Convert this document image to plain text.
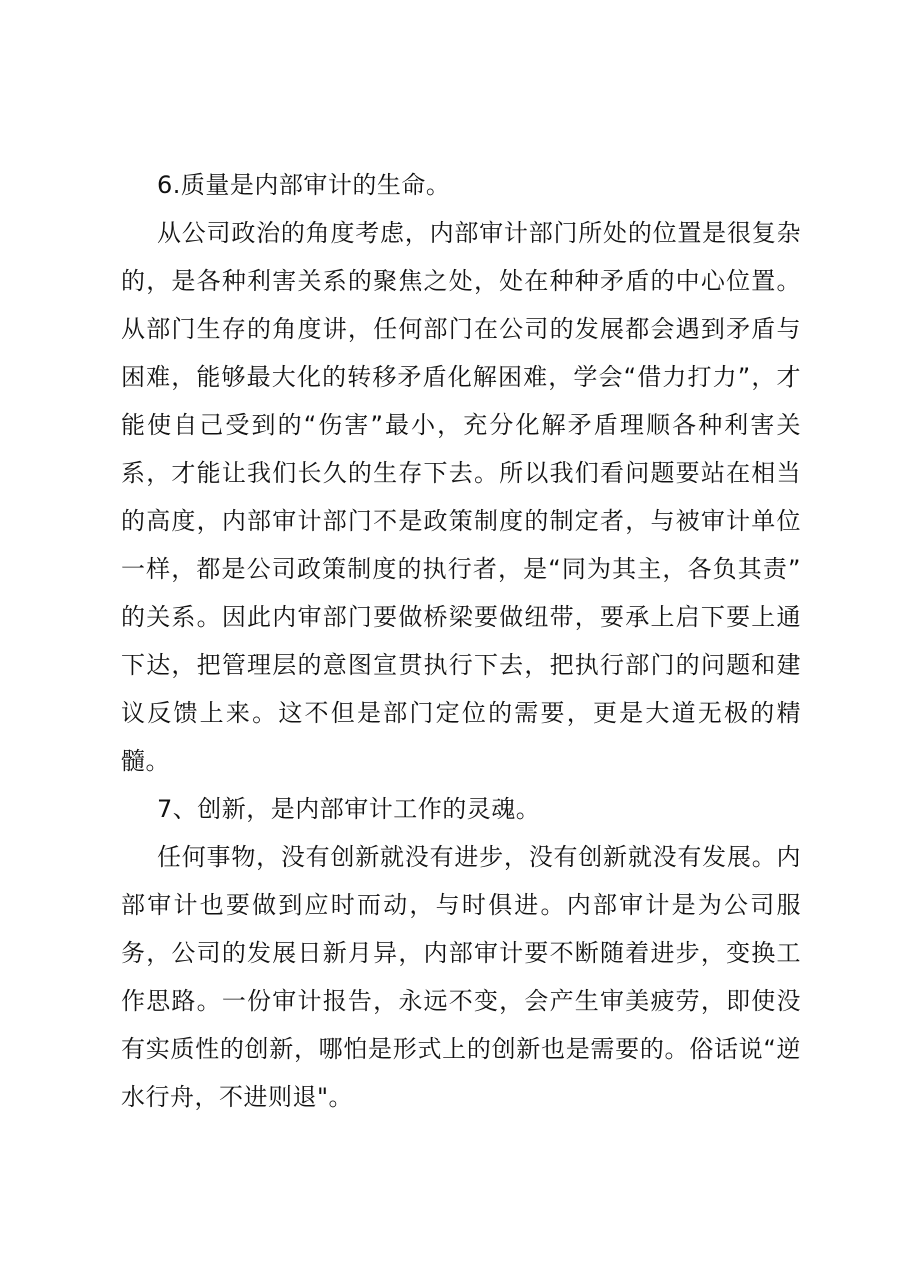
6.质量是内部审计的生命。
从公司政治的角度考虑，内部审计部门所处的位置是很复杂
的，是各种利害关系的聚焦之处，处在种种矛盾的中心位置。
从部门生存的角度讲，任何部门在公司的发展都会遇到矛盾与
困难，能够最大化的转移矛盾化解困难，学会“借力打力”，才
能使自己受到的“伤害”最小，充分化解矛盾理顺各种利害关
系，才能让我们长久的生存下去。所以我们看问题要站在相当
的高度，内部审计部门不是政策制度的制定者，与被审计单位
一样，都是公司政策制度的执行者，是“同为其主，各负其责”
的关系。因此内审部门要做桥梁要做纽带，要承上启下要上通
下达，把管理层的意图宣贯执行下去，把执行部门的问题和建
议反馈上来。这不但是部门定位的需要，更是大道无极的精
髓。
7、创新，是内部审计工作的灵魂。
任何事物，没有创新就没有进步，没有创新就没有发展。内
部审计也要做到应时而动，与时俱进。内部审计是为公司服
务，公司的发展日新月异，内部审计要不断随着进步，变换工
作思路。一份审计报告，永远不变，会产生审美疲劳，即使没
有实质性的创新，哪怕是形式上的创新也是需要的。俗话说“逆
水行舟，不进则退"。
